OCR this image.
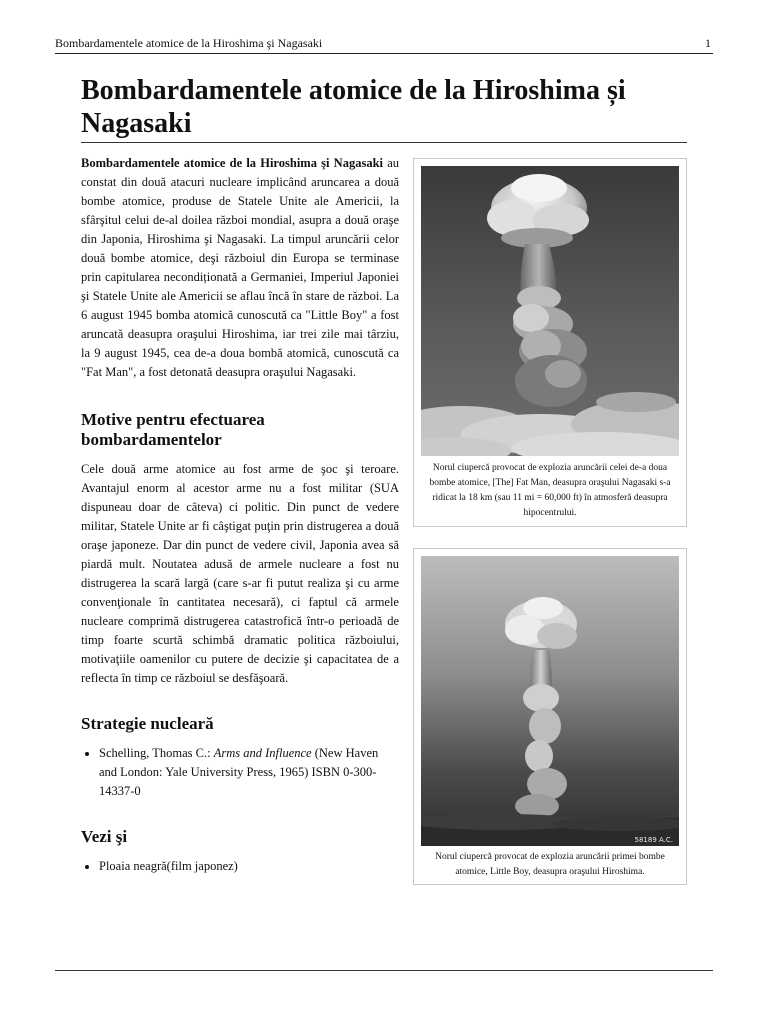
Bombardamentele atomice de la Hiroshima şi Nagasaki	1
Bombardamentele atomice de la Hiroshima și Nagasaki

Bombardamentele atomice de la Hiroshima şi Nagasaki au constat din două atacuri nucleare implicând aruncarea a două bombe atomice, produse de Statele Unite ale Americii, la sfârşitul celui de-al doilea război mondial, asupra a două oraşe din Japonia, Hiroshima şi Nagasaki. La timpul aruncării celor două bombe atomice, deşi războiul din Europa se terminase prin capitularea necondiționată a Germaniei, Imperiul Japoniei şi Statele Unite ale Americii se aflau încă în stare de război. La 6 august 1945 bomba atomică cunoscută ca "Little Boy" a fost aruncată deasupra oraşului Hiroshima, iar trei zile mai târziu, la 9 august 1945, cea de-a doua bombă atomică, cunoscută ca "Fat Man", a fost detonată deasupra oraşului Nagasaki.

Motive pentru efectuarea bombardamentelor

Cele două arme atomice au fost arme de şoc şi teroare. Avantajul enorm al acestor arme nu a fost militar (SUA dispuneau doar de câteva) ci politic. Din punct de vedere militar, Statele Unite ar fi câştigat puţin prin distrugerea a două oraşe japoneze. Dar din punct de vedere civil, Japonia avea să piardă mult. Noutatea adusă de armele nucleare a fost nu distrugerea la scară largă (care s-ar fi putut realiza şi cu arme convenţionale în cantitatea necesară), ci faptul că armele nucleare comprimă distrugerea catastrofică într-o perioadă de timp foarte scurtă schimbă dramatic politica războiului, motivaţiile oamenilor cu putere de decizie şi capacitatea de a reflecta în timp ce războiul se desfăşoară.

Strategie nucleară
• Schelling, Thomas C.: Arms and Influence (New Haven and London: Yale University Press, 1965) ISBN 0-300-14337-0
Vezi şi
• Ploaia neagră(film japonez)
Norul ciupercă provocat de explozia aruncării celei de-a doua bombe atomice, [The] Fat Man, deasupra oraşului Nagasaki s-a ridicat la 18 km (sau 11 mi = 60,000 ft) în atmosferă deasupra hipocentrului.
58189 A.C.
Norul ciupercă provocat de explozia aruncării primei bombe atomice, Little Boy, deasupra oraşului Hiroshima.
